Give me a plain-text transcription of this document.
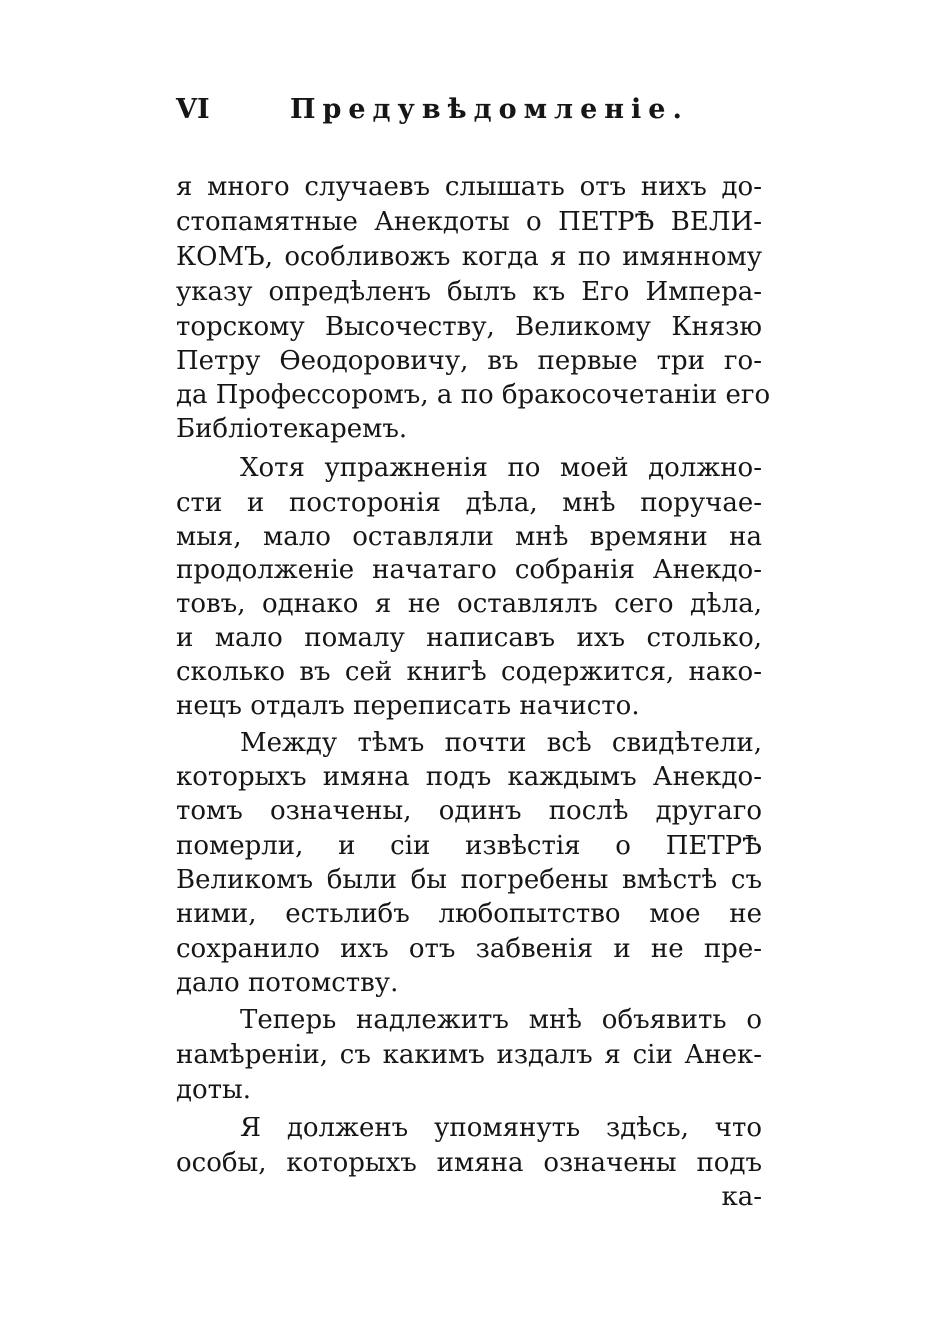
VI	Предувѣдомленіе.
я много случаевъ слышать отъ нихъ до-
стопамятные Анекдоты о ПЕТРѢ ВЕЛИ-
КОМЪ, особливожъ когда я по имянному
указу опредѣленъ былъ къ Его Импера-
торскому Высочеству, Великому Князю
Петру Ѳеодоровичу, въ первые три го-
да Профессоромъ, а по бракосочетаніи его
Библіотекаремъ.
Хотя упражненія по моей должно-
сти и посторонія дѣла, мнѣ поручае-
мыя, мало оставляли мнѣ времяни на
продолженіе начатаго собранія Анекдо-
товъ, однако я не оставлялъ сего дѣла,
и мало помалу написавъ ихъ столько,
сколько въ сей книгѣ содержится, нако-
нецъ отдалъ переписать начисто.
Между тѣмъ почти всѣ свидѣтели,
которыхъ имяна подъ каждымъ Анекдо-
томъ означены, одинъ послѣ другаго
померли, и сіи извѣстія о ПЕТРѢ
Великомъ были бы погребены вмѣстѣ съ
ними, естьлибъ любопытство мое не
сохранило ихъ отъ забвенія и не пре-
дало потомству.
Теперь надлежитъ мнѣ объявить о
намѣреніи, съ какимъ издалъ я сіи Анек-
доты.
Я долженъ упомянуть здѣсь, что
особы, которыхъ имяна означены подъ
ка-
